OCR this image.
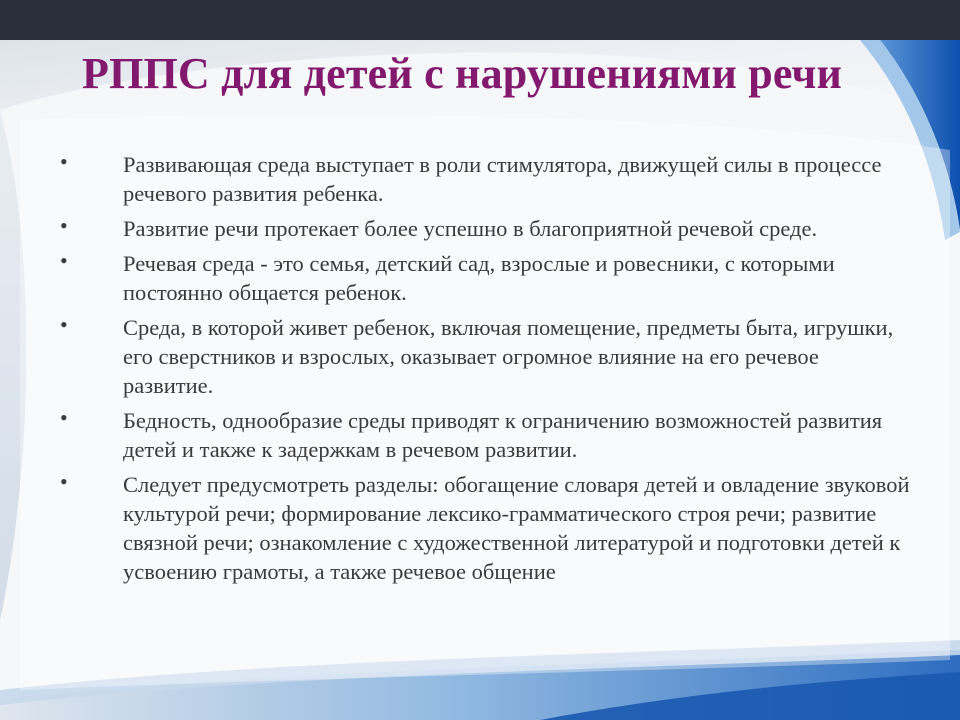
РППС для детей с нарушениями речи
• Развивающая среда выступает в роли стимулятора, движущей силы в процессе речевого развития ребенка.
• Развитие речи протекает более успешно в благоприятной речевой среде.
• Речевая среда - это семья, детский сад, взрослые и ровесники, с которыми постоянно общается ребенок.
• Среда, в которой живет ребенок, включая помещение, предметы быта, игрушки, его сверстников и взрослых, оказывает огромное влияние на его речевое развитие.
• Бедность, однообразие среды приводят к ограничению возможностей развития детей и также к задержкам в речевом развитии.
• Следует предусмотреть разделы: обогащение словаря детей и овладение звуковой культурой речи; формирование лексико-грамматического строя речи; развитие связной речи; ознакомление с художественной литературой и подготовки детей к усвоению грамоты, а также речевое общение
